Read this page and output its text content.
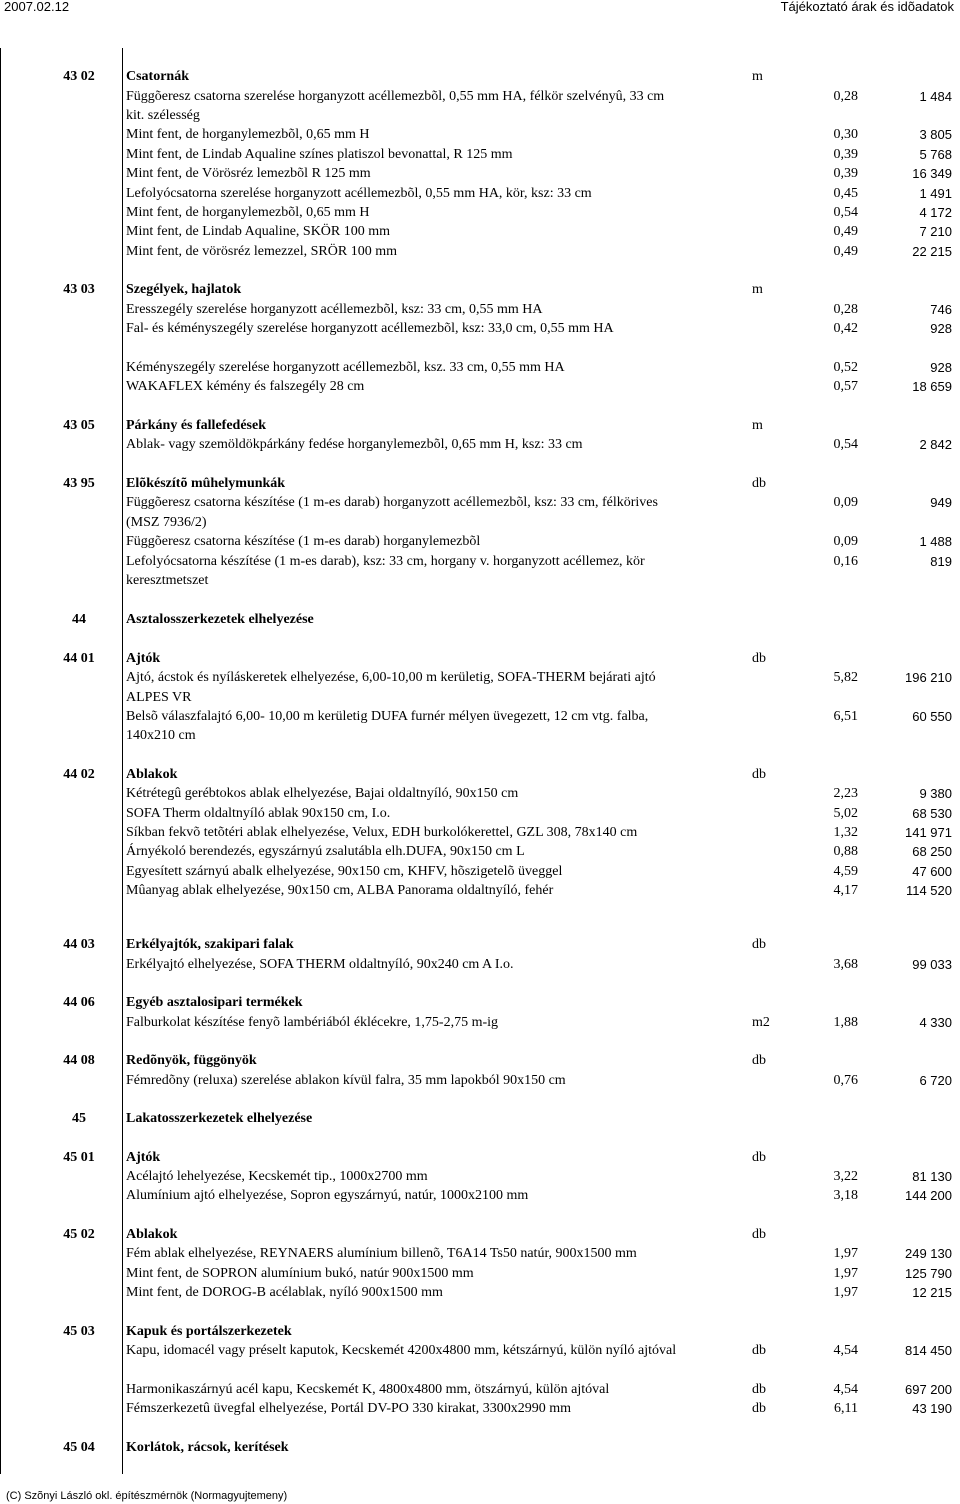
2007.02.12	Tájékoztató árak és idõadatok
43 02	Csatornák	m
Függõeresz csatorna szerelése horganyzott acéllemezbõl, 0,55 mm HA, félkör szelvényû, 33 cm	0,28	1 484
kit. szélesség
Mint fent, de horganylemezbõl, 0,65 mm H	0,30	3 805
Mint fent, de Lindab Aqualine színes platiszol bevonattal, R 125 mm	0,39	5 768
Mint fent, de Vörösréz lemezbõl R 125 mm	0,39	16 349
Lefolyócsatorna szerelése horganyzott acéllemezbõl, 0,55 mm HA, kör, ksz: 33 cm	0,45	1 491
Mint fent, de horganylemezbõl, 0,65 mm H	0,54	4 172
Mint fent, de Lindab Aqualine, SKÖR 100 mm	0,49	7 210
Mint fent, de vörösréz lemezzel, SRÖR 100 mm	0,49	22 215
43 03	Szegélyek, hajlatok	m
Eresszegély szerelése horganyzott acéllemezbõl, ksz: 33 cm, 0,55 mm HA	0,28	746
Fal- és kéményszegély szerelése horganyzott acéllemezbõl, ksz: 33,0 cm, 0,55 mm HA	0,42	928
Kéményszegély szerelése horganyzott acéllemezbõl, ksz. 33 cm, 0,55 mm HA	0,52	928
WAKAFLEX kémény és falszegély 28 cm	0,57	18 659
43 05	Párkány és fallefedések	m
Ablak- vagy szemöldökpárkány fedése horganylemezbõl, 0,65 mm H, ksz: 33 cm	0,54	2 842
43 95	Elõkészítõ mûhelymunkák	db
Függõeresz csatorna készítése (1 m-es darab) horganyzott acéllemezbõl, ksz: 33 cm, félkörives	0,09	949
(MSZ 7936/2)
Függõeresz csatorna készítése (1 m-es darab) horganylemezbõl	0,09	1 488
Lefolyócsatorna készítése (1 m-es darab), ksz: 33 cm, horgany v. horganyzott acéllemez, kör	0,16	819
keresztmetszet
44	Asztalosszerkezetek elhelyezése
44 01	Ajtók	db
Ajtó, ácstok és nyíláskeretek elhelyezése, 6,00-10,00 m kerületig, SOFA-THERM bejárati ajtó	5,82	196 210
ALPES VR
Belsõ válaszfalajtó 6,00- 10,00 m kerületig DUFA furnér mélyen üvegezett, 12 cm vtg. falba,	6,51	60 550
140x210 cm
44 02	Ablakok	db
Kétrétegû gerébtokos ablak elhelyezése, Bajai oldaltnyíló, 90x150 cm	2,23	9 380
SOFA Therm oldaltnyíló ablak 90x150 cm, I.o.	5,02	68 530
Síkban fekvõ tetõtéri ablak elhelyezése, Velux, EDH burkolókerettel, GZL 308, 78x140 cm	1,32	141 971
Árnyékoló berendezés, egyszárnyú zsalutábla elh.DUFA, 90x150 cm L	0,88	68 250
Egyesített szárnyú abalk elhelyezése, 90x150 cm, KHFV, hõszigetelõ üveggel	4,59	47 600
Mûanyag ablak elhelyezése, 90x150 cm, ALBA Panorama oldaltnyíló, fehér	4,17	114 520
44 03	Erkélyajtók, szakipari falak	db
Erkélyajtó elhelyezése, SOFA THERM oldaltnyíló, 90x240 cm A I.o.	3,68	99 033
44 06	Egyéb asztalosipari termékek
Falburkolat készítése fenyõ lambériából éklécekre, 1,75-2,75 m-ig	m2	1,88	4 330
44 08	Redõnyök, függönyök	db
Fémredõny (reluxa) szerelése ablakon kívül falra, 35 mm lapokból 90x150 cm	0,76	6 720
45	Lakatosszerkezetek elhelyezése
45 01	Ajtók	db
Acélajtó lehelyezése, Kecskemét tip., 1000x2700 mm	3,22	81 130
Alumínium ajtó elhelyezése, Sopron egyszárnyú, natúr, 1000x2100 mm	3,18	144 200
45 02	Ablakok	db
Fém ablak elhelyezése, REYNAERS alumínium billenõ, T6A14 Ts50 natúr, 900x1500 mm	1,97	249 130
Mint fent, de SOPRON alumínium bukó, natúr 900x1500 mm	1,97	125 790
Mint fent, de DOROG-B acélablak, nyíló 900x1500 mm	1,97	12 215
45 03	Kapuk és portálszerkezetek
Kapu, idomacél vagy préselt kaputok, Kecskemét 4200x4800 mm, kétszárnyú, külön nyíló ajtóval	db	4,54	814 450
Harmonikaszárnyú acél kapu, Kecskemét K, 4800x4800 mm, ötszárnyú, külön ajtóval	db	4,54	697 200
Fémszerkezetû üvegfal elhelyezése, Portál DV-PO 330 kirakat, 3300x2990 mm	db	6,11	43 190
45 04	Korlátok, rácsok, kerítések
(C) Szõnyi László okl. építészmérnök (Normagyujtemeny)
